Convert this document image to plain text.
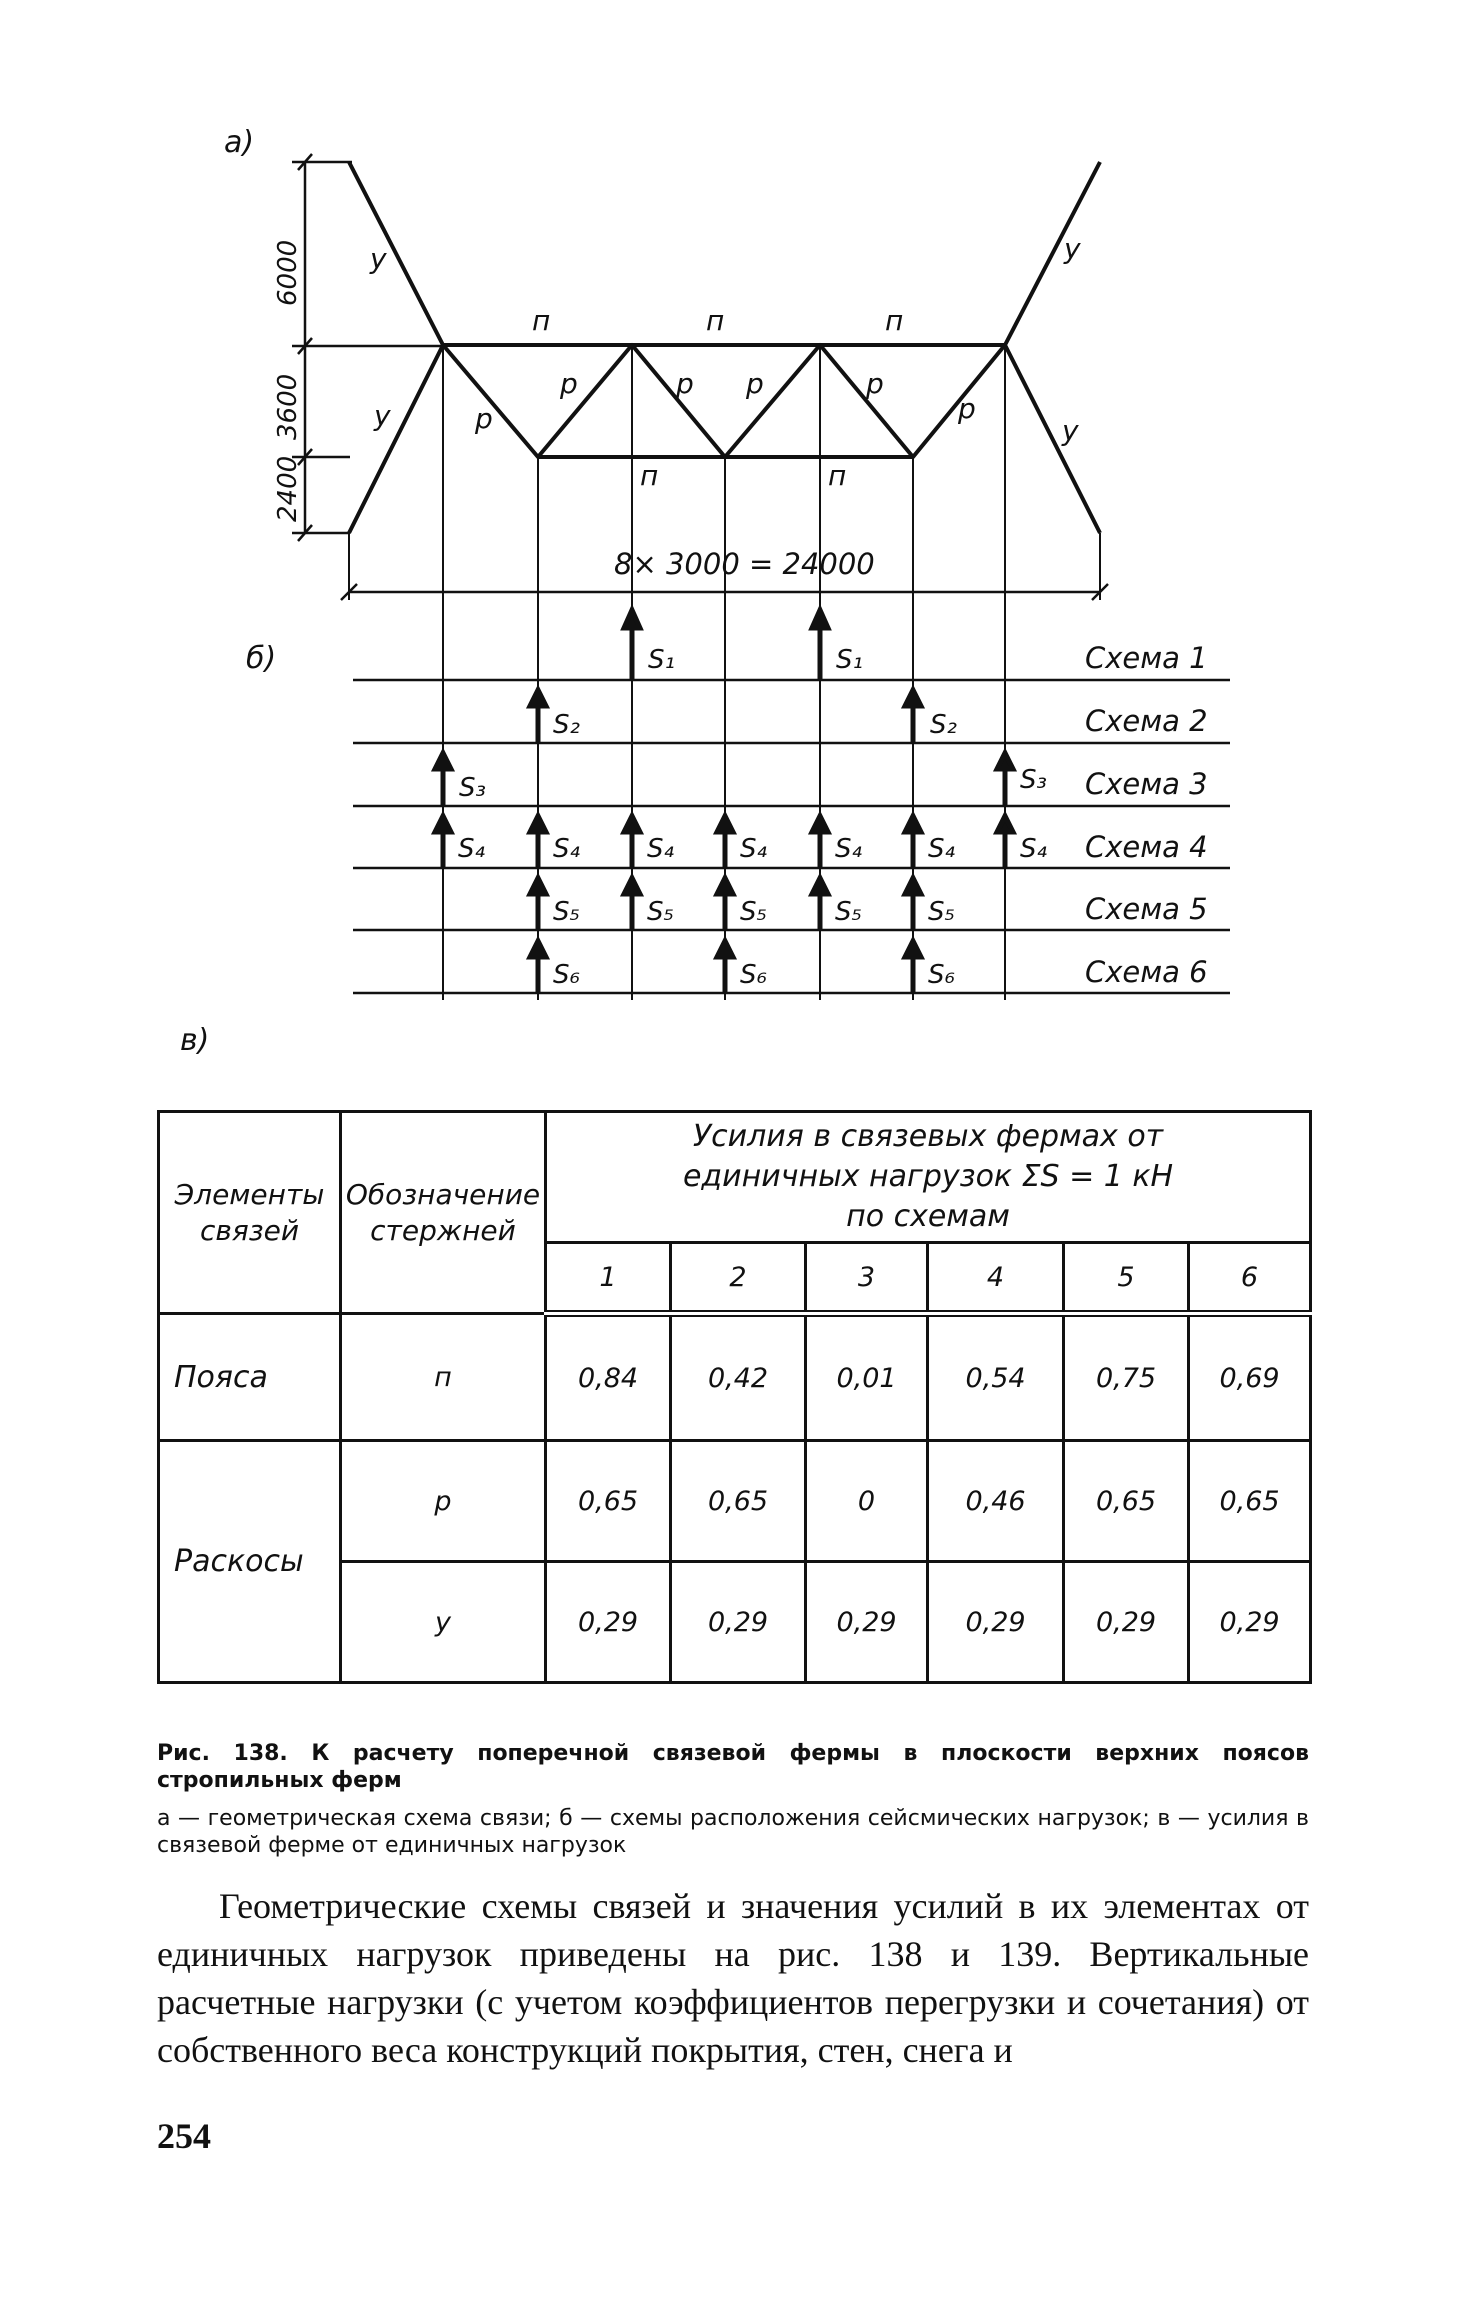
а)
б)
в)
6000
3600
2400
п	п	п
п	п
р
р	р р	р
р
у
у
у
у
8× 3000 = 24000
S₁	S₁
S₂	S₂
S₃	S₃
S₄	S₄	S₄	S₄	S₄	S₄	S₄
S₅	S₅	S₅	S₅	S₅
S₆	S₆	S₆
Схема 1
Схема 2
Схема 3
Схема 4
Схема 5
Схема 6
Элементы связей	Обозначение стержней	Усилия в связевых фермах от
единичных нагрузок ΣS = 1 кН
по схемам					

		1	2	3	4	5	6
Пояса	п	0,84	0,42	0,01	0,54	0,75	0,69
Раскосы	р	0,65	0,65	0	0,46	0,65	0,65
	у	0,29	0,29	0,29	0,29	0,29	0,29
Рис. 138. К расчету поперечной связевой фермы в плоскости верхних поясов стропильных ферм
а — геометрическая схема связи; б — схемы расположения сейсмических нагрузок; в — усилия в связевой ферме от единичных нагрузок
Геометрические схемы связей и значения усилий в их элементах от единичных нагрузок приведены на рис. 138 и 139. Вертикальные расчетные нагрузки (с учетом коэффициентов перегрузки и сочетания) от собственного веса конструкций покрытия, стен, снега и
254
